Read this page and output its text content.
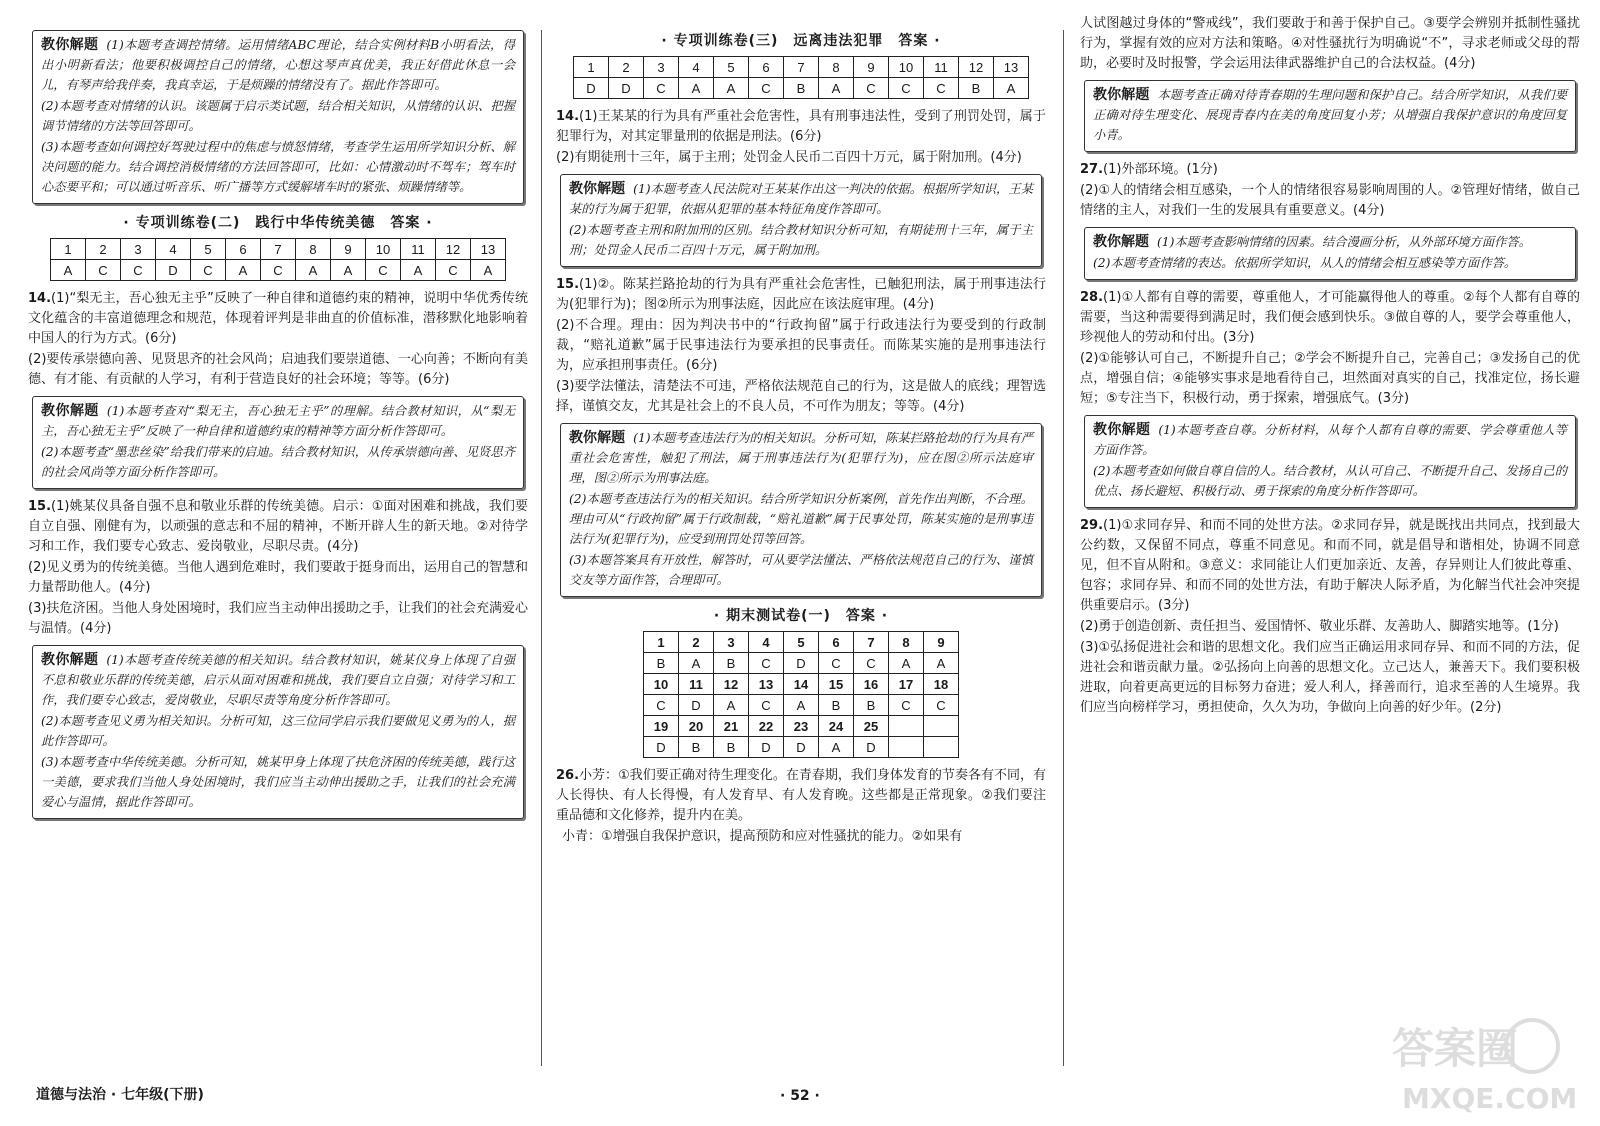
教你解题 (1)本题考查调控情绪。运用情绪ABC理论，结合实例材料B小明看法，得出小明新看法；他要积极调控自己的情绪，心想这琴声真优美，我正好借此休息一会儿，有琴声给我伴奏，我真幸运，于是烦躁的情绪没有了。据此作答即可。

(2)本题考查对情绪的认识。该题属于启示类试题，结合相关知识，从情绪的认识、把握调节情绪的方法等回答即可。

(3)本题考查如何调控好驾驶过程中的焦虑与愤怒情绪，考查学生运用所学知识分析、解决问题的能力。结合调控消极情绪的方法回答即可，比如：心情激动时不驾车；驾车时心态要平和；可以通过听音乐、听广播等方式缓解堵车时的紧张、烦躁情绪等。

· 专项训练卷(二)　践行中华传统美德　答案 ·
1	2	3	4	5	6	7	8	9	10	11	12	13
A	C	C	D	C	A	C	A	A	C	A	C	A

14.(1)“梨无主，吾心独无主乎”反映了一种自律和道德约束的精神，说明中华优秀传统文化蕴含的丰富道德理念和规范，体现着评判是非曲直的价值标准，潜移默化地影响着中国人的行为方式。(6分)

(2)要传承崇德向善、见贤思齐的社会风尚；启迪我们要崇道德、一心向善；不断向有美德、有才能、有贡献的人学习，有利于营造良好的社会环境；等等。(6分)

教你解题 (1)本题考查对“梨无主，吾心独无主乎”的理解。结合教材知识，从“梨无主，吾心独无主乎”反映了一种自律和道德约束的精神等方面分析作答即可。

(2)本题考查“墨悲丝染”给我们带来的启迪。结合教材知识，从传承崇德向善、见贤思齐的社会风尚等方面分析作答即可。

15.(1)姚某仪具备自强不息和敬业乐群的传统美德。启示：①面对困难和挑战，我们要自立自强、刚健有为，以顽强的意志和不屈的精神，不断开辟人生的新天地。②对待学习和工作，我们要专心致志、爱岗敬业，尽职尽责。(4分)

(2)见义勇为的传统美德。当他人遇到危难时，我们要敢于挺身而出，运用自己的智慧和力量帮助他人。(4分)

(3)扶危济困。当他人身处困境时，我们应当主动伸出援助之手，让我们的社会充满爱心与温情。(4分)

教你解题 (1)本题考查传统美德的相关知识。结合教材知识，姚某仪身上体现了自强不息和敬业乐群的传统美德，启示从面对困难和挑战，我们要自立自强；对待学习和工作，我们要专心致志，爱岗敬业，尽职尽责等角度分析作答即可。

(2)本题考查见义勇为相关知识。分析可知，这三位同学启示我们要做见义勇为的人，据此作答即可。

(3)本题考查中华传统美德。分析可知，姚某甲身上体现了扶危济困的传统美德，践行这一美德，要求我们当他人身处困境时，我们应当主动伸出援助之手，让我们的社会充满爱心与温情，据此作答即可。

· 专项训练卷(三)　远离违法犯罪　答案 ·
1	2	3	4	5	6	7	8	9	10	11	12	13
D	D	C	A	A	C	B	A	C	C	C	B	A

14.(1)王某某的行为具有严重社会危害性，具有刑事违法性，受到了刑罚处罚，属于犯罪行为，对其定罪量刑的依据是刑法。(6分)

(2)有期徒刑十三年，属于主刑；处罚金人民币二百四十万元，属于附加刑。(4分)

教你解题 (1)本题考查人民法院对王某某作出这一判决的依据。根据所学知识，王某某的行为属于犯罪，依据从犯罪的基本特征角度作答即可。

(2)本题考查主刑和附加刑的区别。结合教材知识分析可知，有期徒刑十三年，属于主刑；处罚金人民币二百四十万元，属于附加刑。

15.(1)②。陈某拦路抢劫的行为具有严重社会危害性，已触犯刑法，属于刑事违法行为(犯罪行为)；图②所示为刑事法庭，因此应在该法庭审理。(4分)

(2)不合理。理由：因为判决书中的“行政拘留”属于行政违法行为要受到的行政制裁，“赔礼道歉”属于民事违法行为要承担的民事责任。而陈某实施的是刑事违法行为，应承担刑事责任。(6分)

(3)要学法懂法，清楚法不可违，严格依法规范自己的行为，这是做人的底线；理智选择，谨慎交友，尤其是社会上的不良人员，不可作为朋友；等等。(4分)

教你解题 (1)本题考查违法行为的相关知识。分析可知，陈某拦路抢劫的行为具有严重社会危害性，触犯了刑法，属于刑事违法行为(犯罪行为)，应在图②所示法庭审理，图②所示为刑事法庭。

(2)本题考查违法行为的相关知识。结合所学知识分析案例，首先作出判断，不合理。理由可从“行政拘留”属于行政制裁，“赔礼道歉”属于民事处罚，陈某实施的是刑事违法行为(犯罪行为)，应受到刑罚处罚等回答。

(3)本题答案具有开放性，解答时，可从要学法懂法、严格依法规范自己的行为、谨慎交友等方面作答，合理即可。

· 期末测试卷(一)　答案 ·
1	2	3	4	5	6	7	8	9
B	A	B	C	D	C	C	A	A
10	11	12	13	14	15	16	17	18
C	D	A	C	A	B	B	C	C
19	20	21	22	23	24	25		
D	B	B	D	D	A	D		

26.小芳：①我们要正确对待生理变化。在青春期，我们身体发育的节奏各有不同，有人长得快、有人长得慢，有人发育早、有人发育晚。这些都是正常现象。②我们要注重品德和文化修养，提升内在美。

小青：①增强自我保护意识，提高预防和应对性骚扰的能力。②如果有

人试图越过身体的“警戒线”，我们要敢于和善于保护自己。③要学会辨别并抵制性骚扰行为，掌握有效的应对方法和策略。④对性骚扰行为明确说“不”，寻求老师或父母的帮助，必要时及时报警，学会运用法律武器维护自己的合法权益。(4分)

教你解题 本题考查正确对待青春期的生理问题和保护自己。结合所学知识，从我们要正确对待生理变化、展现青春内在美的角度回复小芳；从增强自我保护意识的角度回复小青。

27.(1)外部环境。(1分)

(2)①人的情绪会相互感染，一个人的情绪很容易影响周围的人。②管理好情绪，做自己情绪的主人，对我们一生的发展具有重要意义。(4分)

教你解题 (1)本题考查影响情绪的因素。结合漫画分析，从外部环境方面作答。

(2)本题考查情绪的表达。依据所学知识，从人的情绪会相互感染等方面作答。

28.(1)①人都有自尊的需要，尊重他人，才可能赢得他人的尊重。②每个人都有自尊的需要，当这种需要得到满足时，我们便会感到快乐。③做自尊的人，要学会尊重他人，珍视他人的劳动和付出。(3分)

(2)①能够认可自己，不断提升自己；②学会不断提升自己，完善自己；③发扬自己的优点，增强自信；④能够实事求是地看待自己，坦然面对真实的自己，找准定位，扬长避短；⑤专注当下，积极行动，勇于探索，增强底气。(3分)

教你解题 (1)本题考查自尊。分析材料，从每个人都有自尊的需要、学会尊重他人等方面作答。

(2)本题考查如何做自尊自信的人。结合教材，从认可自己、不断提升自己、发扬自己的优点、扬长避短、积极行动、勇于探索的角度分析作答即可。

29.(1)①求同存异、和而不同的处世方法。②求同存异，就是既找出共同点，找到最大公约数，又保留不同点，尊重不同意见。和而不同，就是倡导和谐相处，协调不同意见，但不盲从附和。③意义：求同能让人们更加亲近、友善，存异则让人们彼此尊重、包容；求同存异、和而不同的处世方法，有助于解决人际矛盾，为化解当代社会冲突提供重要启示。(3分)

(2)勇于创造创新、责任担当、爱国情怀、敬业乐群、友善助人、脚踏实地等。(1分)

(3)①弘扬促进社会和谐的思想文化。我们应当正确运用求同存异、和而不同的方法，促进社会和谐贡献力量。②弘扬向上向善的思想文化。立己达人，兼善天下。我们要积极进取，向着更高更远的目标努力奋进；爱人利人，择善而行，追求至善的人生境界。我们应当向榜样学习，勇担使命，久久为功，争做向上向善的好少年。(2分)

道德与法治 · 七年级(下册)	· 52 ·
答案圈
MXQE.COM
